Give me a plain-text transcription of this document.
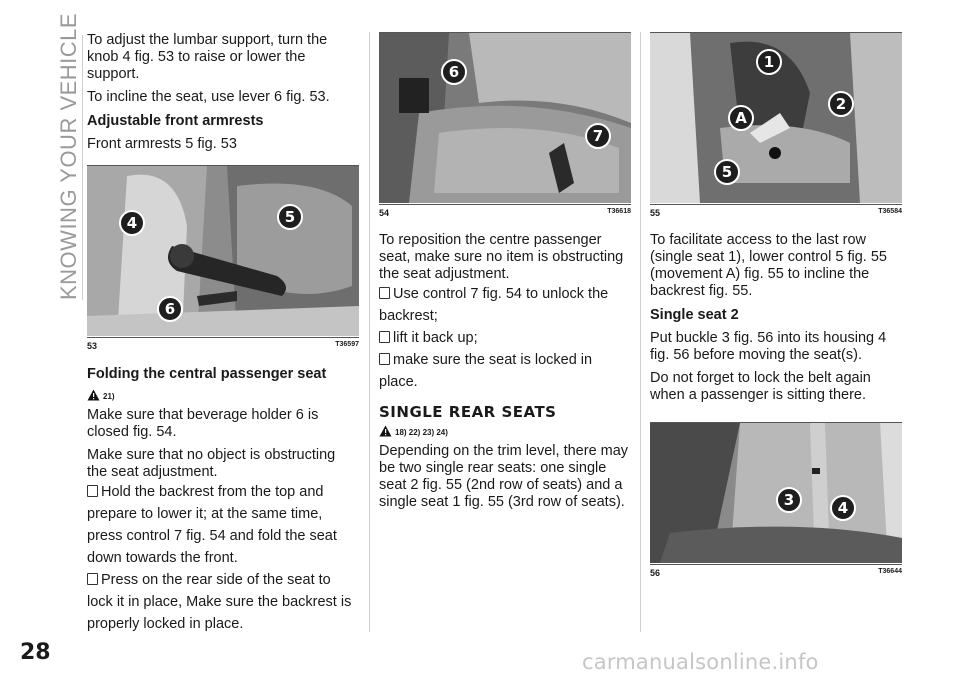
KNOWING YOUR VEHICLE To adjust the lumbar support, turn the knob 4 fig. 53 to raise or lower the support.

To incline the seat, use lever 6 fig. 53.

Adjustable front armrests

Front armrests 5 fig. 53

4	5
6
53	T36597
Folding the central passenger seat
21)

Make sure that beverage holder 6 is closed fig. 54.

Make sure that no object is obstructing the seat adjustment.

Hold the backrest from the top and prepare to lower it; at the same time, press control 7 fig. 54 and fold the seat down towards the front.
Press on the rear side of the seat to lock it in place, Make sure the backrest is properly locked in place.
6
7
54	T36618

To reposition the centre passenger seat, make sure no item is obstructing the seat adjustment.

Use control 7 fig. 54 to unlock the backrest;
lift it back up;
make sure the seat is locked in place.
SINGLE REAR SEATS
18) 22) 23) 24)

Depending on the trim level, there may be two single rear seats: one single seat 2 fig. 55 (2nd row of seats) and a single seat 1 fig. 55 (3rd row of seats).

1
2
A
5
55	T36584

To facilitate access to the last row (single seat 1), lower control 5 fig. 55 (movement A) fig. 55 to incline the backrest fig. 55.

Single seat 2

Put buckle 3 fig. 56 into its housing 4 fig. 56 before moving the seat(s).

Do not forget to lock the belt again when a passenger is sitting there.

3	4
56	T36644
28	carmanualsonline.info
